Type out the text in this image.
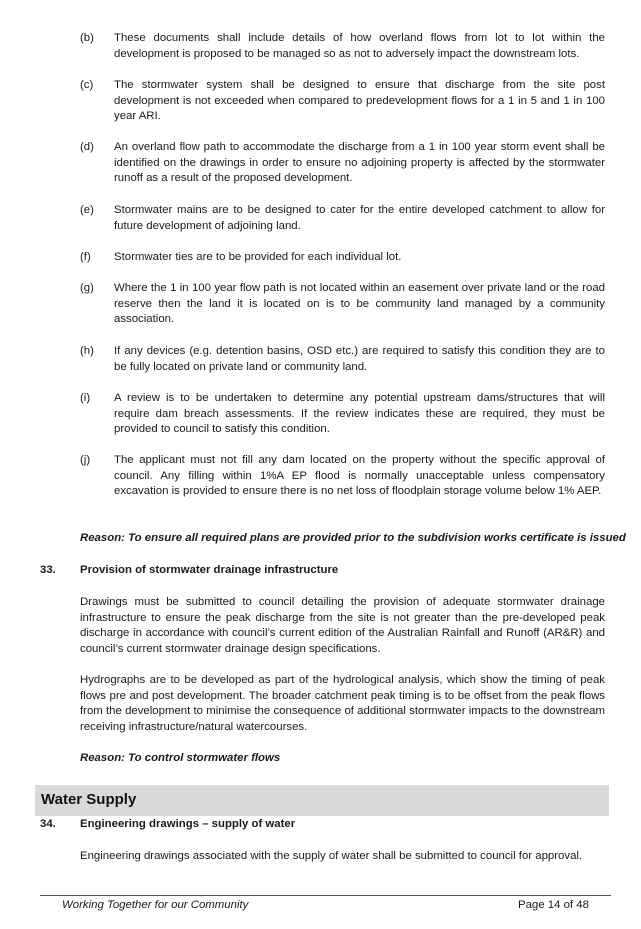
(b) These documents shall include details of how overland flows from lot to lot within the development is proposed to be managed so as not to adversely impact the downstream lots.
(c) The stormwater system shall be designed to ensure that discharge from the site post development is not exceeded when compared to predevelopment flows for a 1 in 5 and 1 in 100 year ARI.
(d) An overland flow path to accommodate the discharge from a 1 in 100 year storm event shall be identified on the drawings in order to ensure no adjoining property is affected by the stormwater runoff as a result of the proposed development.
(e) Stormwater mains are to be designed to cater for the entire developed catchment to allow for future development of adjoining land.
(f) Stormwater ties are to be provided for each individual lot.
(g) Where the 1 in 100 year flow path is not located within an easement over private land or the road reserve then the land it is located on is to be community land managed by a community association.
(h) If any devices (e.g. detention basins, OSD etc.) are required to satisfy this condition they are to be fully located on private land or community land.
(i) A review is to be undertaken to determine any potential upstream dams/structures that will require dam breach assessments. If the review indicates these are required, they must be provided to council to satisfy this condition.
(j) The applicant must not fill any dam located on the property without the specific approval of council. Any filling within 1%A EP flood is normally unacceptable unless compensatory excavation is provided to ensure there is no net loss of floodplain storage volume below 1% AEP.
Reason: To ensure all required plans are provided prior to the subdivision works certificate is issued
33. Provision of stormwater drainage infrastructure
Drawings must be submitted to council detailing the provision of adequate stormwater drainage infrastructure to ensure the peak discharge from the site is not greater than the pre-developed peak discharge in accordance with council’s current edition of the Australian Rainfall and Runoff (AR&R) and council’s current stormwater drainage design specifications.
Hydrographs are to be developed as part of the hydrological analysis, which show the timing of peak flows pre and post development. The broader catchment peak timing is to be offset from the peak flows from the development to minimise the consequence of additional stormwater impacts to the downstream receiving infrastructure/natural watercourses.
Reason: To control stormwater flows
Water Supply
34. Engineering drawings – supply of water
Engineering drawings associated with the supply of water shall be submitted to council for approval.
Working Together for our Community	Page 14 of 48
